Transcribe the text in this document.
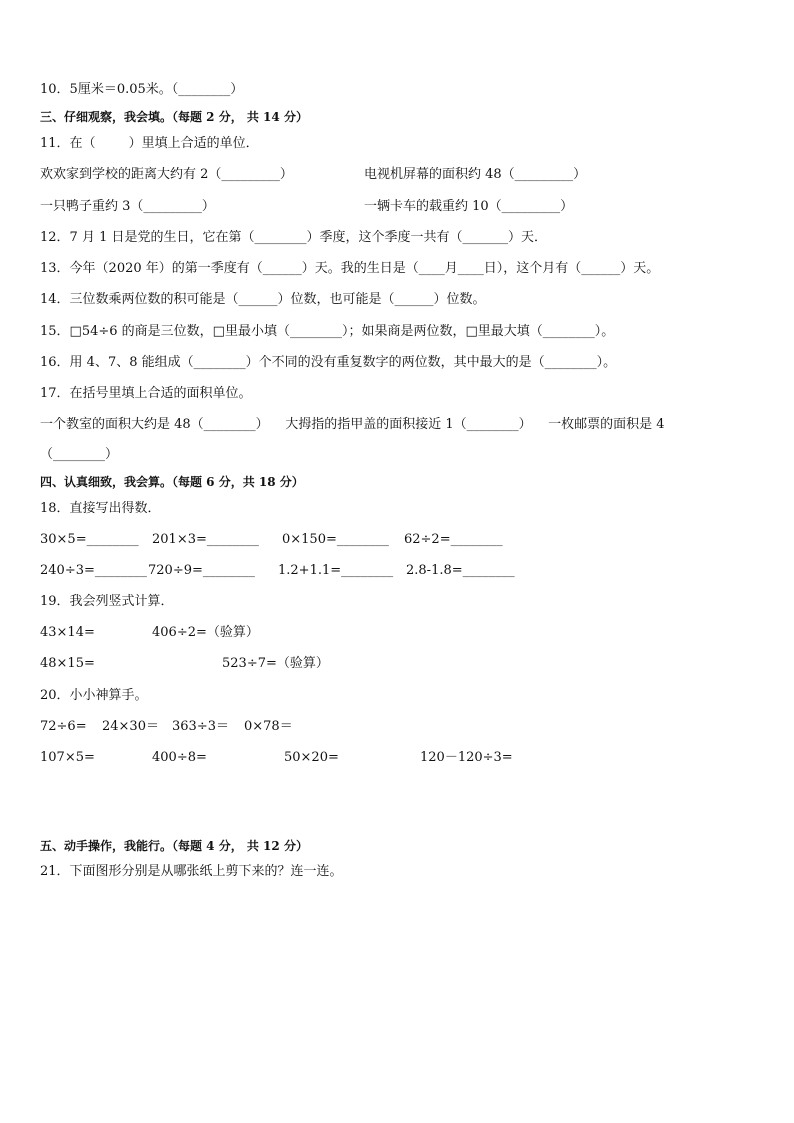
10．5厘米＝0.05米。（________）
三、仔细观察，我会填。（每题 2 分， 共 14 分）
11．在（        ）里填上合适的单位．
欢欢家到学校的距离大约有 2（_________）	电视机屏幕的面积约 48（_________）
一只鸭子重约 3（_________）	一辆卡车的载重约 10（_________）
12．7 月 1 日是党的生日，它在第（________）季度，这个季度一共有（_______）天．
13．今年（2020 年）的第一季度有（______）天。我的生日是（____月____日），这个月有（______）天。
14．三位数乘两位数的积可能是（______）位数，也可能是（______）位数。
15．□54÷6 的商是三位数，□里最小填（________）；如果商是两位数，□里最大填（________）。
16．用 4、7、8 能组成（________）个不同的没有重复数字的两位数，其中最大的是（________）。
17．在括号里填上合适的面积单位。
一个教室的面积大约是 48（________）    大拇指的指甲盖的面积接近 1（________）    一枚邮票的面积是 4
（________）
四、认真细致，我会算。（每题 6 分，共 18 分）
18．直接写出得数．
30×5=________ 201×3=________ 0×150=________ 62÷2=________
240÷3=________ 720÷9=________ 1.2+1.1=________ 2.8-1.8=________
19．我会列竖式计算．
43×14=	406÷2=（验算）
48×15=	523÷7=（验算）
20．小小神算手。
72÷6= 24×30＝ 363÷3＝ 0×78＝
107×5=	400÷8=	50×20=	120－120÷3=
五、动手操作，我能行。（每题 4 分， 共 12 分）
21．下面图形分别是从哪张纸上剪下来的？连一连。
